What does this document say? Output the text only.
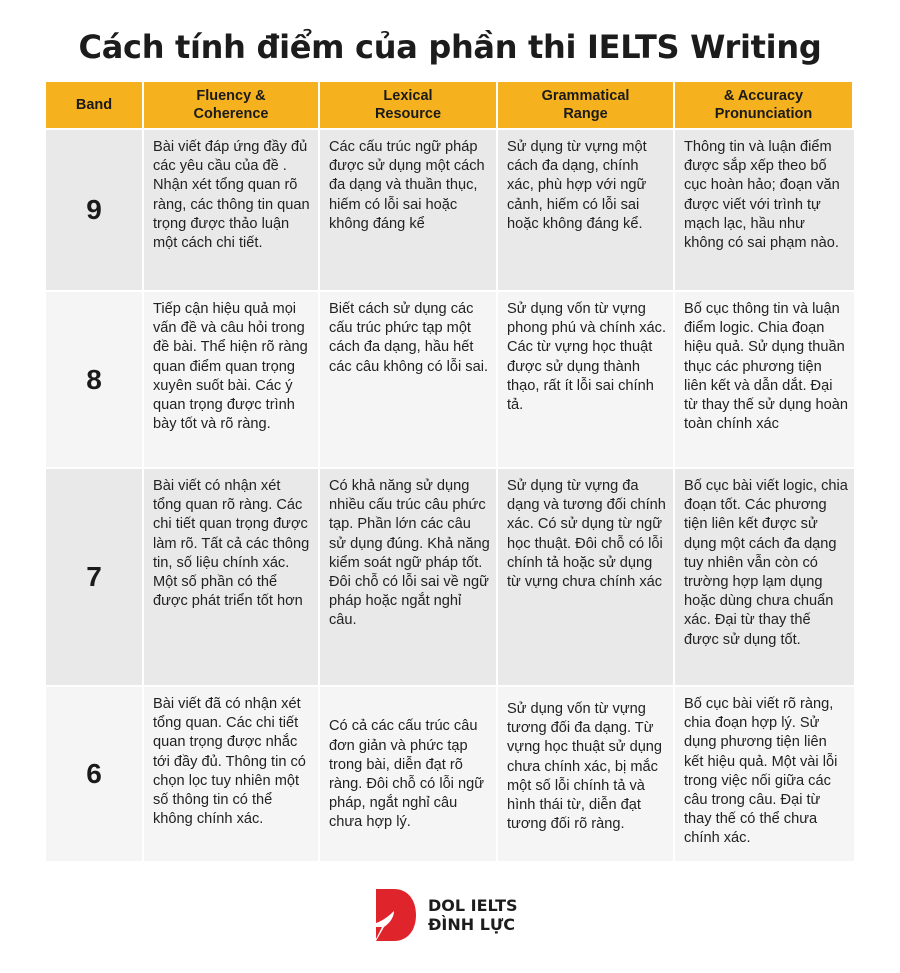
Cách tính điểm của phần thi IELTS Writing
Band
Fluency &
Coherence
Lexical
Resource
Grammatical
Range
& Accuracy
Pronunciation
9
Bài viết đáp ứng đầy đủ các yêu cầu của đề . Nhận xét tổng quan rõ ràng, các thông tin quan trọng được thảo luận một cách chi tiết.
Các cấu trúc ngữ pháp được sử dụng một cách đa dạng và thuần thục, hiếm có lỗi sai hoặc không đáng kể
Sử dụng từ vựng một cách đa dạng, chính xác, phù hợp với ngữ cảnh, hiếm có lỗi sai hoặc không đáng kể.
Thông tin và luận điểm được sắp xếp theo bố cục hoàn hảo; đoạn văn được viết với trình tự mạch lạc, hầu như không có sai phạm nào.
8
Tiếp cận hiệu quả mọi vấn đề và câu hỏi trong đề bài. Thể hiện rõ ràng quan điểm quan trọng xuyên suốt bài. Các ý quan trọng được trình bày tốt và rõ ràng.
Biết cách sử dụng các cấu trúc phức tạp một cách đa dạng, hầu hết các câu không có lỗi sai.
Sử dụng vốn từ vựng phong phú và chính xác. Các từ vựng học thuật được sử dụng thành thạo, rất ít lỗi sai chính tả.
Bố cục thông tin và luận điểm logic. Chia đoạn hiệu quả. Sử dụng thuần thục các phương tiện liên kết và dẫn dắt. Đại từ thay thế sử dụng hoàn toàn chính xác
7
Bài viết có nhận xét tổng quan rõ ràng. Các chi tiết quan trọng được làm rõ. Tất cả các thông tin, số liệu chính xác. Một số phần có thể được phát triển tốt hơn
Có khả năng sử dụng nhiều cấu trúc câu phức tạp. Phần lớn các câu sử dụng đúng. Khả năng kiểm soát ngữ pháp tốt. Đôi chỗ có lỗi sai về ngữ pháp hoặc ngắt nghỉ câu.
Sử dụng từ vựng đa dạng và tương đối chính xác. Có sử dụng từ ngữ học thuật. Đôi chỗ có lỗi chính tả hoặc sử dụng từ vựng chưa chính xác
Bố cục bài viết logic, chia đoạn tốt. Các phương tiện liên kết được sử dụng một cách đa dạng tuy nhiên vẫn còn có trường hợp lạm dụng hoặc dùng chưa chuẩn xác. Đại từ thay thế được sử dụng tốt.
6
Bài viết đã có nhận xét tổng quan. Các chi tiết quan trọng được nhắc tới đầy đủ. Thông tin có chọn lọc tuy nhiên một số thông tin có thể không chính xác.
Có cả các cấu trúc câu đơn giản và phức tạp trong bài, diễn đạt rõ ràng. Đôi chỗ có lỗi ngữ pháp, ngắt nghỉ câu chưa hợp lý.
Sử dụng vốn từ vựng tương đối đa dạng. Từ vựng học thuật sử dụng chưa chính xác, bị mắc một số lỗi chính tả và hình thái từ, diễn đạt tương đối rõ ràng.
Bố cục bài viết rõ ràng, chia đoạn hợp lý. Sử dụng phương tiện liên kết hiệu quả. Một vài lỗi trong việc nối giữa các câu trong câu. Đại từ thay thế có thể chưa chính xác.
DOL IELTS
ĐÌNH LỰC
